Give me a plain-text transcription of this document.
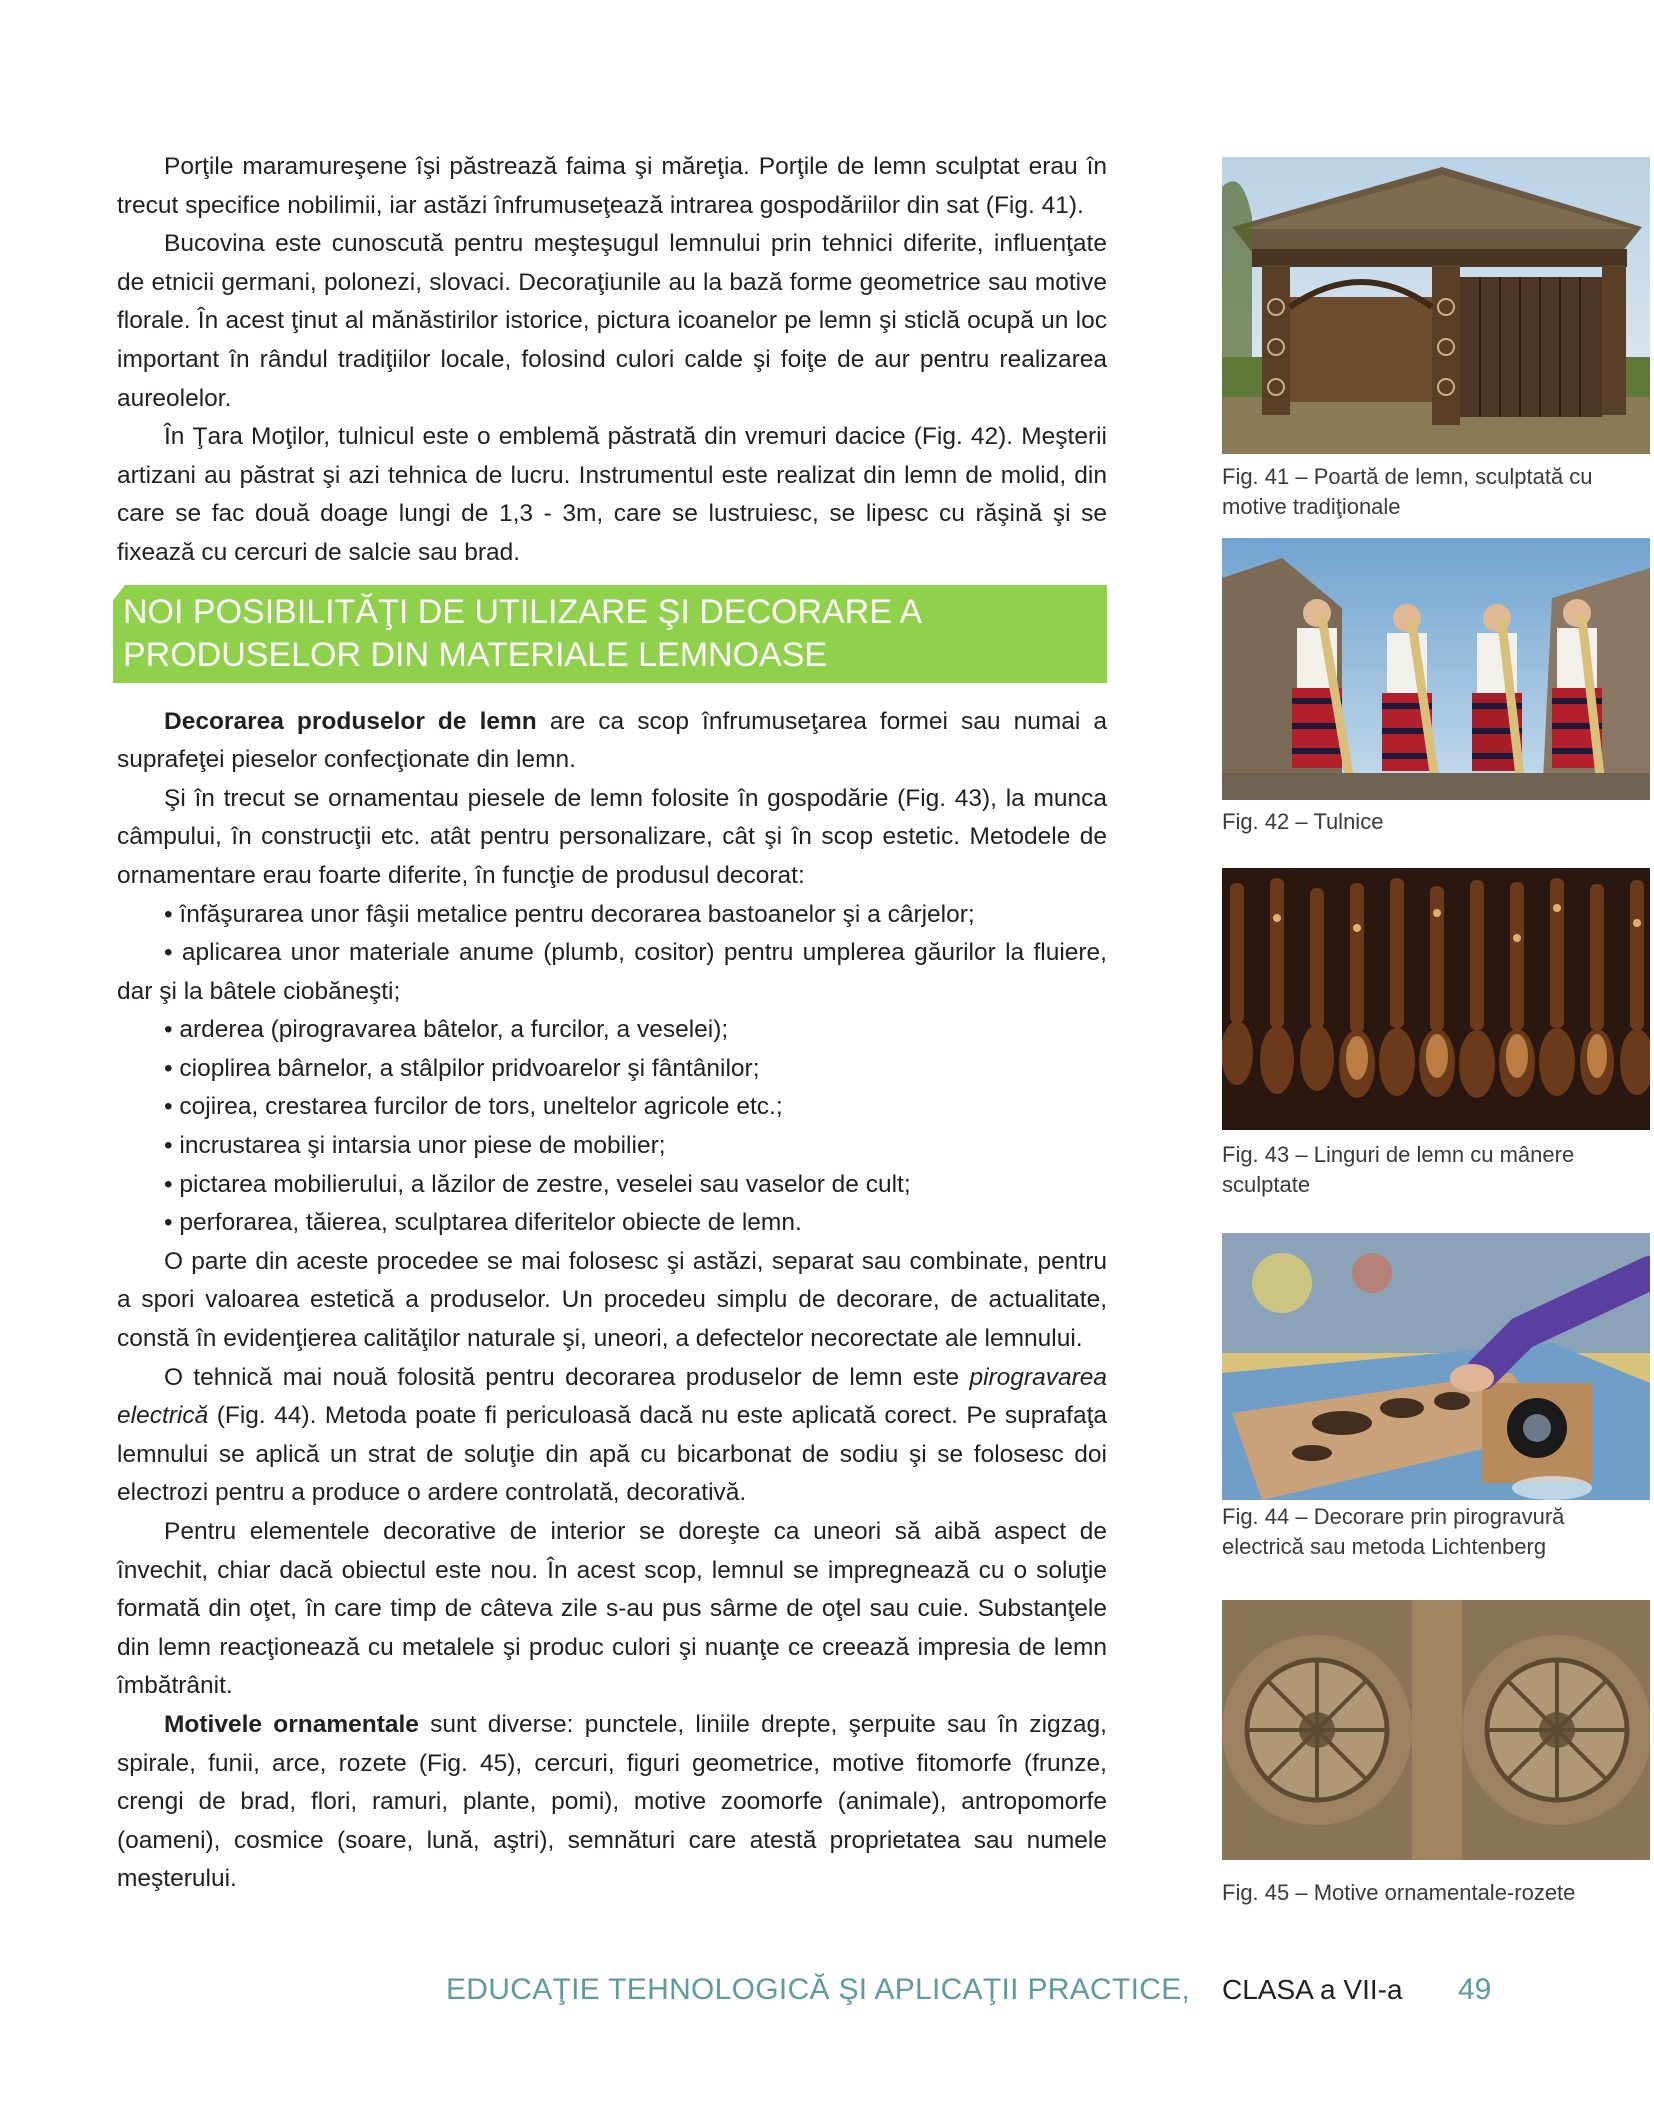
Porţile maramureşene îşi păstrează faima şi măreţia. Porţile de lemn sculptat erau în trecut specifice nobilimii, iar astăzi înfrumuseţează intrarea gospodăriilor din sat (Fig. 41).

Bucovina este cunoscută pentru meşteşugul lemnului prin tehnici diferite, influenţate de etnicii germani, polonezi, slovaci. Decoraţiunile au la bază forme geometrice sau motive florale. În acest ţinut al mănăstirilor istorice, pictura icoanelor pe lemn şi sticlă ocupă un loc important în rândul tradiţiilor locale, folosind culori calde şi foiţe de aur pentru realizarea aureolelor.

În Ţara Moţilor, tulnicul este o emblemă păstrată din vremuri dacice (Fig. 42). Meşterii artizani au păstrat şi azi tehnica de lucru. Instrumentul este realizat din lemn de molid, din care se fac două doage lungi de 1,3 - 3m, care se lustruiesc, se lipesc cu răşină şi se fixează cu cercuri de salcie sau brad.

NOI POSIBILITĂŢI DE UTILIZARE ŞI DECORARE A PRODUSELOR DIN MATERIALE LEMNOASE

Decorarea produselor de lemn are ca scop înfrumuseţarea formei sau numai a suprafeţei pieselor confecţionate din lemn.

Şi în trecut se ornamentau piesele de lemn folosite în gospodărie (Fig. 43), la munca câmpului, în construcţii etc. atât pentru personalizare, cât şi în scop estetic. Metodele de ornamentare erau foarte diferite, în funcţie de produsul decorat:

• înfăşurarea unor fâşii metalice pentru decorarea bastoanelor şi a cârjelor;

• aplicarea unor materiale anume (plumb, cositor) pentru umplerea găurilor la fluiere, dar şi la bâtele ciobăneşti;

• arderea (pirogravarea bâtelor, a furcilor, a veselei);

• cioplirea bârnelor, a stâlpilor pridvoarelor şi fântânilor;

• cojirea, crestarea furcilor de tors, uneltelor agricole etc.;

• incrustarea şi intarsia unor piese de mobilier;

• pictarea mobilierului, a lăzilor de zestre, veselei sau vaselor de cult;

• perforarea, tăierea, sculptarea diferitelor obiecte de lemn.

O parte din aceste procedee se mai folosesc şi astăzi, separat sau combinate, pentru a spori valoarea estetică a produselor. Un procedeu simplu de decorare, de actualitate, constă în evidenţierea calităţilor naturale şi, uneori, a defectelor necorectate ale lemnului.

O tehnică mai nouă folosită pentru decorarea produselor de lemn este pirogravarea electrică (Fig. 44). Metoda poate fi periculoasă dacă nu este aplicată corect. Pe suprafaţa lemnului se aplică un strat de soluţie din apă cu bicarbonat de sodiu şi se folosesc doi electrozi pentru a produce o ardere controlată, decorativă.

Pentru elementele decorative de interior se doreşte ca uneori să aibă aspect de învechit, chiar dacă obiectul este nou. În acest scop, lemnul se impregnează cu o soluţie formată din oţet, în care timp de câteva zile s-au pus sârme de oţel sau cuie. Substanţele din lemn reacţionează cu metalele şi produc culori şi nuanţe ce creează impresia de lemn îmbătrânit.

Motivele ornamentale sunt diverse: punctele, liniile drepte, şerpuite sau în zigzag, spirale, funii, arce, rozete (Fig. 45), cercuri, figuri geometrice, motive fitomorfe (frunze, crengi de brad, flori, ramuri, plante, pomi), motive zoomorfe (animale), antropomorfe (oameni), cosmice (soare, lună, aştri), semnături care atestă proprietatea sau numele meşterului.

Fig. 41 – Poartă de lemn, sculptată cu motive tradiţionale
Fig. 42 – Tulnice
Fig. 43 – Linguri de lemn cu mânere sculptate
Fig. 44 – Decorare prin pirogravură electrică sau metoda Lichtenberg
Fig. 45 – Motive ornamentale-rozete
EDUCAŢIE TEHNOLOGICĂ ŞI APLICAŢII PRACTICE, CLASA a VII-a 49
